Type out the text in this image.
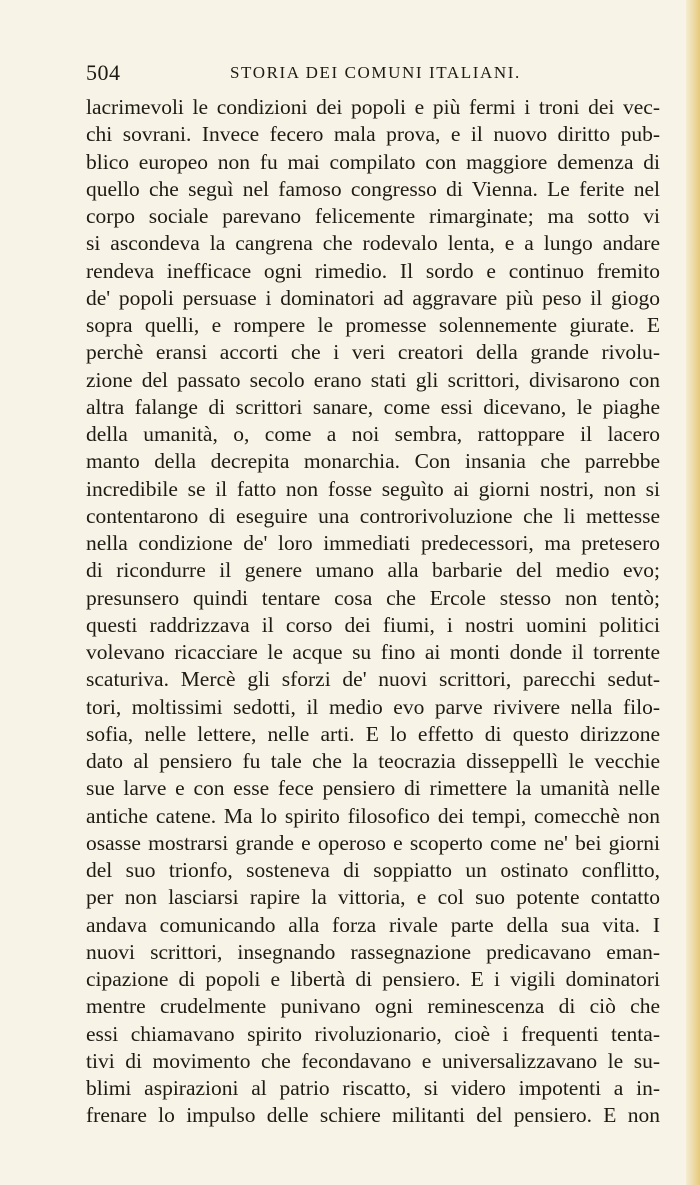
504	STORIA DEI COMUNI ITALIANI.
lacrimevoli le condizioni dei popoli e più fermi i troni dei vec-
chi sovrani. Invece fecero mala prova, e il nuovo diritto pub-
blico europeo non fu mai compilato con maggiore demenza di
quello che seguì nel famoso congresso di Vienna. Le ferite nel
corpo sociale parevano felicemente rimarginate; ma sotto vi
si ascondeva la cangrena che rodevalo lenta, e a lungo andare
rendeva inefficace ogni rimedio. Il sordo e continuo fremito
de' popoli persuase i dominatori ad aggravare più peso il giogo
sopra quelli, e rompere le promesse solennemente giurate. E
perchè eransi accorti che i veri creatori della grande rivolu-
zione del passato secolo erano stati gli scrittori, divisarono con
altra falange di scrittori sanare, come essi dicevano, le piaghe
della umanità, o, come a noi sembra, rattoppare il lacero
manto della decrepita monarchia. Con insania che parrebbe
incredibile se il fatto non fosse seguìto ai giorni nostri, non si
contentarono di eseguire una controrivoluzione che li mettesse
nella condizione de' loro immediati predecessori, ma pretesero
di ricondurre il genere umano alla barbarie del medio evo;
presunsero quindi tentare cosa che Ercole stesso non tentò;
questi raddrizzava il corso dei fiumi, i nostri uomini politici
volevano ricacciare le acque su fino ai monti donde il torrente
scaturiva. Mercè gli sforzi de' nuovi scrittori, parecchi sedut-
tori, moltissimi sedotti, il medio evo parve rivivere nella filo-
sofia, nelle lettere, nelle arti. E lo effetto di questo dirizzone
dato al pensiero fu tale che la teocrazia disseppellì le vecchie
sue larve e con esse fece pensiero di rimettere la umanità nelle
antiche catene. Ma lo spirito filosofico dei tempi, comecchè non
osasse mostrarsi grande e operoso e scoperto come ne' bei giorni
del suo trionfo, sosteneva di soppiatto un ostinato conflitto,
per non lasciarsi rapire la vittoria, e col suo potente contatto
andava comunicando alla forza rivale parte della sua vita. I
nuovi scrittori, insegnando rassegnazione predicavano eman-
cipazione di popoli e libertà di pensiero. E i vigili dominatori
mentre crudelmente punivano ogni reminescenza di ciò che
essi chiamavano spirito rivoluzionario, cioè i frequenti tenta-
tivi di movimento che fecondavano e universalizzavano le su-
blimi aspirazioni al patrio riscatto, si videro impotenti a in-
frenare lo impulso delle schiere militanti del pensiero. E non
